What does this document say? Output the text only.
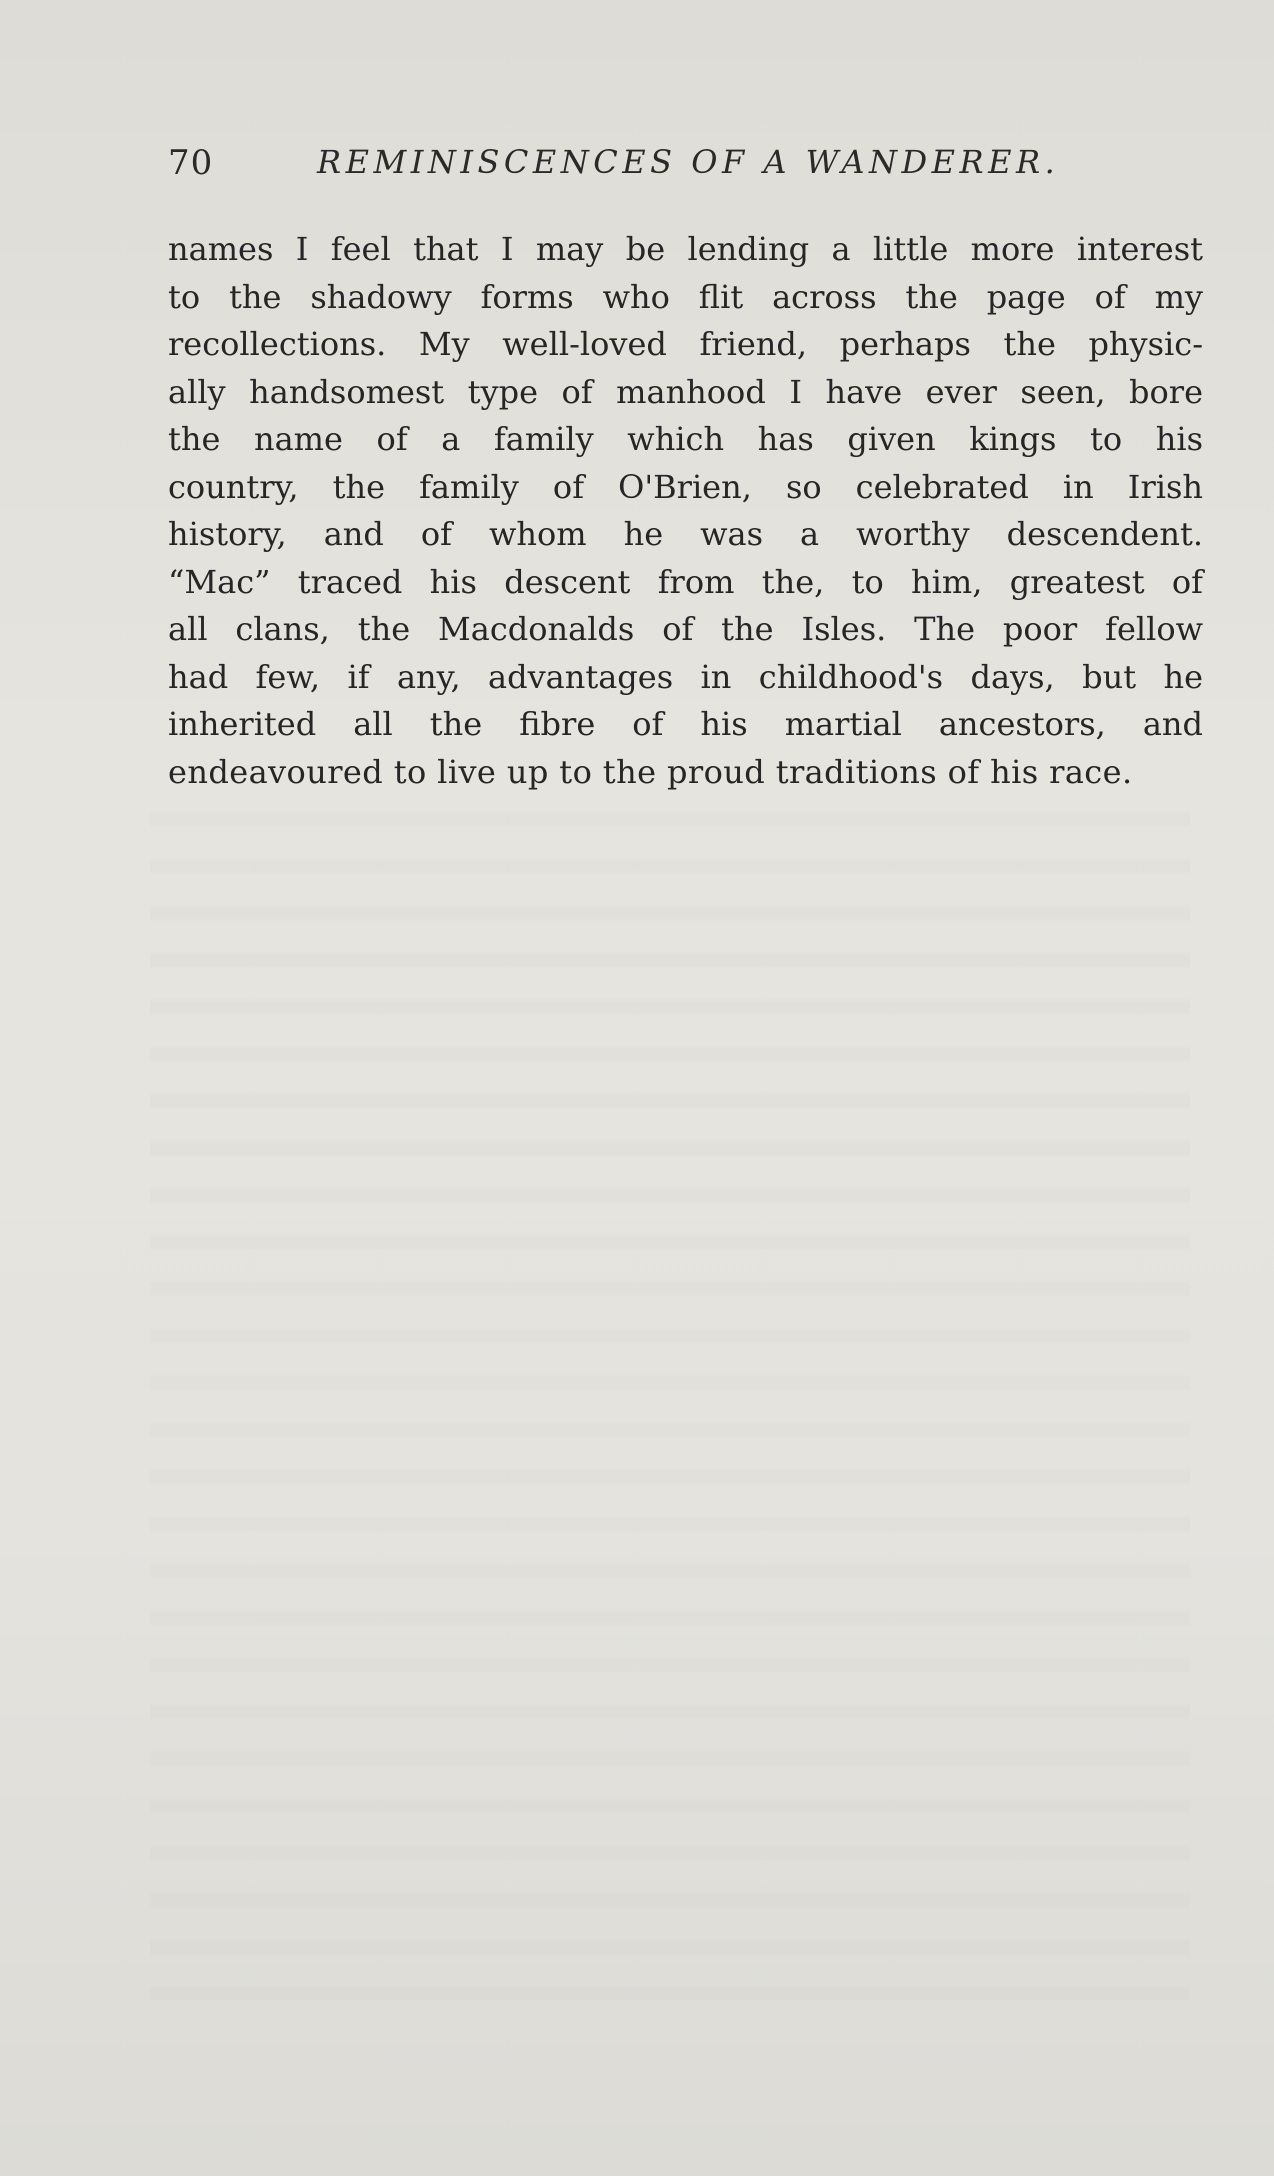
70	REMINISCENCES OF A WANDERER.
names I feel that I may be lending a little more interest
to the shadowy forms who flit across the page of my
recollections. My well-loved friend, perhaps the physic-
ally handsomest type of manhood I have ever seen, bore
the name of a family which has given kings to his
country, the family of O'Brien, so celebrated in Irish
history, and of whom he was a worthy descendent.
“Mac” traced his descent from the, to him, greatest of
all clans, the Macdonalds of the Isles. The poor fellow
had few, if any, advantages in childhood's days, but he
inherited all the fibre of his martial ancestors, and
endeavoured to live up to the proud traditions of his race.
